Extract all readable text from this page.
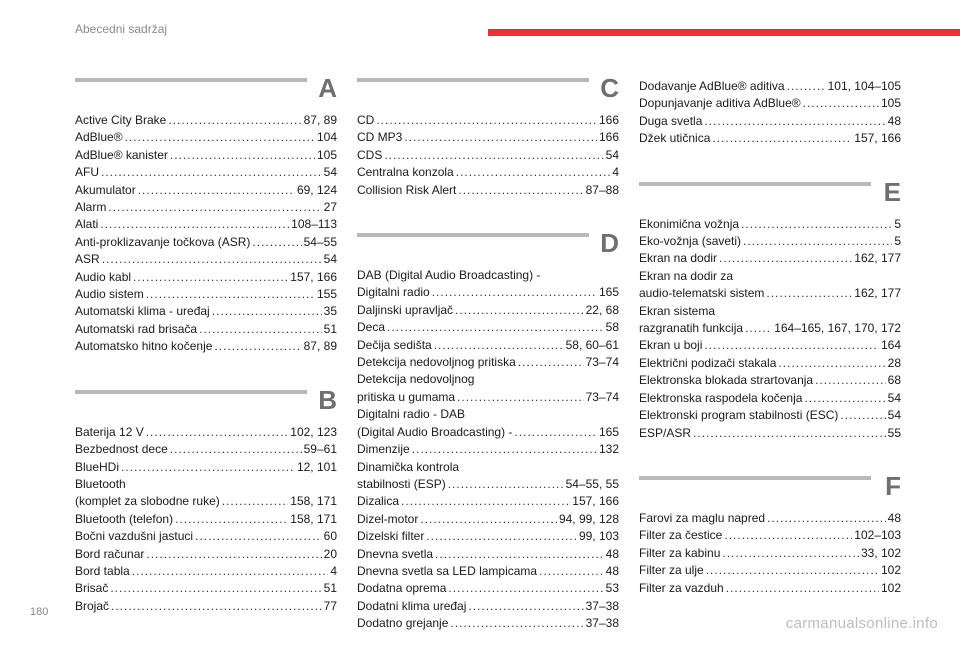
Abecedni sadržaj
A
Active City Brake .....	87, 89
AdBlue® .....	104
AdBlue® kanister .....	105
AFU .....	54
Akumulator .....	69, 124
Alarm .....	27
Alati .....	108–113
Anti-proklizavanje točkova (ASR) .....	54–55
ASR .....	54
Audio kabl .....	157, 166
Audio sistem .....	155
Automatski klima - uređaj .....	35
Automatski rad brisača .....	51
Automatsko hitno kočenje .....	87, 89
B
Baterija 12 V .....	102, 123
Bezbednost dece .....	59–61
BlueHDi .....	12, 101
Bluetooth
(komplet za slobodne ruke) .....	158, 171
Bluetooth (telefon) .....	158, 171
Bočni vazdušni jastuci .....	60
Bord računar .....	20
Bord tabla .....	4
Brisač .....	51
Brojač .....	77
C
CD .....	166
CD MP3 .....	166
CDS .....	54
Centralna konzola .....	4
Collision Risk Alert .....	87–88
D
DAB (Digital Audio Broadcasting) -
Digitalni radio .....	165
Daljinski upravljač .....	22, 68
Deca .....	58
Dečija sedišta .....	58, 60–61
Detekcija nedovoljnog pritiska .....	73–74
Detekcija nedovoljnog
pritiska u gumama .....	73–74
Digitalni radio - DAB
(Digital Audio Broadcasting) - .....	165
Dimenzije .....	132
Dinamička kontrola
stabilnosti (ESP) .....	54–55, 55
Dizalica .....	157, 166
Dizel-motor .....	94, 99, 128
Dizelski filter .....	99, 103
Dnevna svetla .....	48
Dnevna svetla sa LED lampicama .....	48
Dodatna oprema .....	53
Dodatni klima uređaj .....	37–38
Dodatno grejanje .....	37–38
Dodavanje AdBlue® aditiva .....	101, 104–105
Dopunjavanje aditiva AdBlue® .....	105
Duga svetla .....	48
Džek utičnica .....	157, 166
E
Ekonimična vožnja .....	5
Eko-vožnja (saveti) .....	5
Ekran na dodir .....	162, 177
Ekran na dodir za
audio-telematski sistem .....	162, 177
Ekran sistema
razgranatih funkcija .....	164–165, 167, 170, 172
Ekran u boji .....	164
Električni podizači stakala .....	28
Elektronska blokada strartovanja .....	68
Elektronska raspodela kočenja .....	54
Elektronski program stabilnosti (ESC) .....	54
ESP/ASR .....	55
F
Farovi za maglu napred .....	48
Filter za čestice .....	102–103
Filter za kabinu .....	33, 102
Filter za ulje .....	102
Filter za vazduh .....	102
180
carmanualsonline.info
